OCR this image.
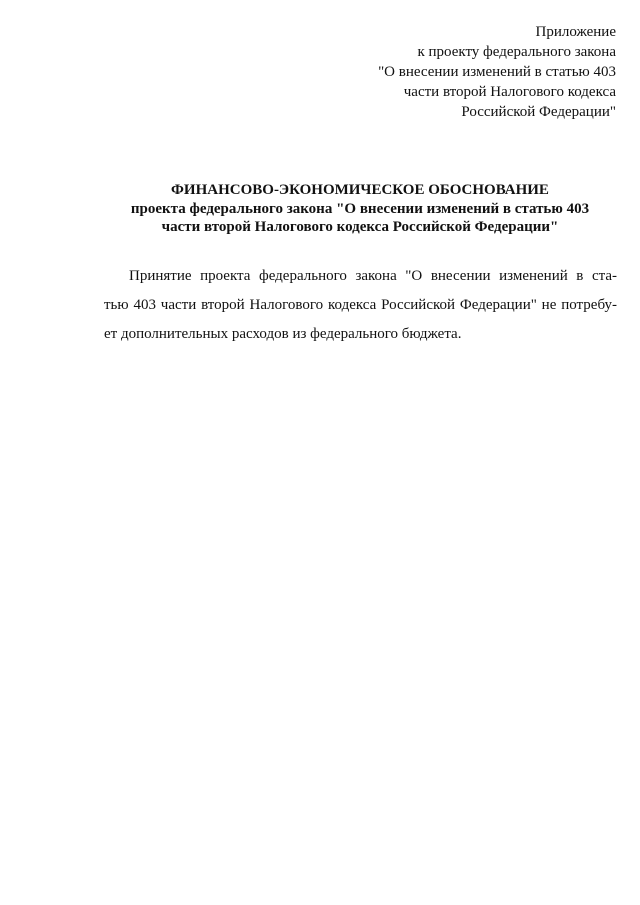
Приложение
к проекту федерального закона
"О внесении изменений в статью 403
части второй Налогового кодекса
Российской Федерации"
ФИНАНСОВО-ЭКОНОМИЧЕСКОЕ ОБОСНОВАНИЕ
проекта федерального закона "О внесении изменений в статью 403
части второй Налогового кодекса Российской Федерации"
Принятие проекта федерального закона "О внесении изменений в ста-
тью 403 части второй Налогового кодекса Российской Федерации" не потребу-
ет дополнительных расходов из федерального бюджета.
